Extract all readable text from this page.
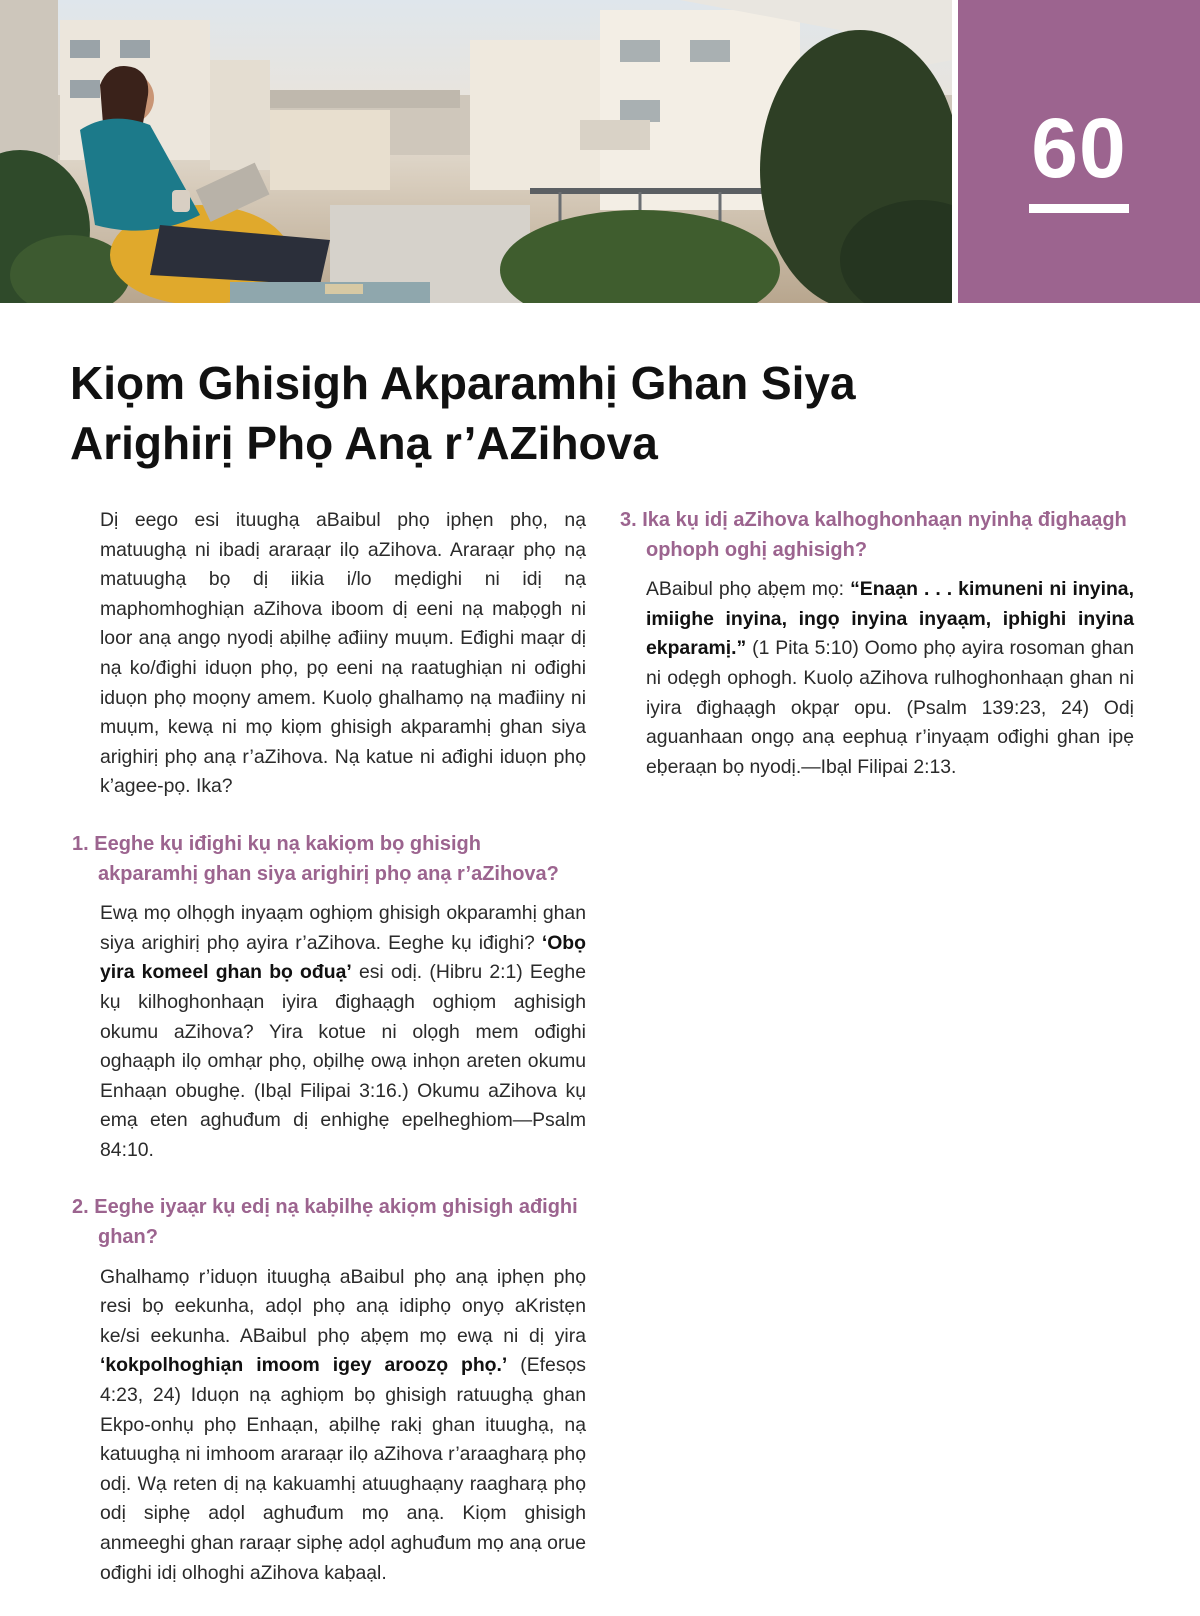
60
Kiọm Ghisigh Akparamhị Ghan Siya
Arighirị Phọ Anạ r’AZihova

Dị eego esi ituughạ aBaibul phọ iphẹn phọ, nạ matuughạ ni ibadị araraạr ilọ aZihova. Araraạr phọ nạ matuughạ bọ dị iikia i/lo mẹdighi ni idị nạ maphomhoghiạn aZihova iboom dị eeni nạ maḅọgh ni loor anạ angọ nyodị aḅilhẹ ađiiny muụm. Eđighi maạr dị nạ ko/đighi iduọn phọ, pọ eeni nạ raatughiạn ni ođighi iduọn phọ moọny amem. Kuolọ ghalhamọ nạ mađiiny ni muụm, kewạ ni mọ kiọm ghisigh akparamhị ghan siya arighirị phọ anạ r’aZihova. Nạ katue ni ađighi iduọn phọ k’agee-pọ. Ika?

1. Eeghe kụ iđighi kụ nạ kakiọm bọ ghisigh akparamhị ghan siya arighirị phọ anạ r’aZihova?

Ewạ mọ olhọgh inyaạm oghiọm ghisigh okparamhị ghan siya arighirị phọ ayira r’aZihova. Eeghe kụ iđighi? ‘Obọ yira komeel ghan bọ ođuạ’ esi odị. (Hibru 2:1) Eeghe kụ kilhoghonhaạn iyira đighaạgh oghiọm aghisigh okumu aZihova? Yira kotue ni olọgh mem ođighi oghaạph ilọ omhạr phọ, oḅilhẹ owạ inhọn areten okumu Enhaạn obughẹ. (Ibạl Filipai 3:16.) Okumu aZihova kụ emạ eten aghuđum dị enhighẹ epelheghiom—Psalm 84:10.

2. Eeghe iyaạr kụ edị nạ kaḅilhẹ akiọm ghisigh ađighi ghan?

Ghalhamọ r’iduọn ituughạ aBaibul phọ anạ iphẹn phọ resi bọ eekunha, adọl phọ anạ idiphọ onyọ aKristẹn ke/si eekunha. ABaibul phọ aḅẹm mọ ewạ ni dị yira ‘kokpolhoghiạn imoom igey aroozọ phọ.’ (Efesọs 4:23, 24) Iduọn nạ aghiọm bọ ghisigh ratuughạ ghan Ekpo-onhụ phọ Enhaạn, aḅilhẹ rakị ghan ituughạ, nạ katuughạ ni imhoom araraạr ilọ aZihova r’araagharạ phọ odị. Wạ reten dị nạ kakuamhị atuughaạny raagharạ phọ odị siphẹ adọl aghuđum mọ anạ. Kiọm ghisigh anmeeghi ghan raraạr siphẹ adọl aghuđum mọ anạ orue ođighi idị olhoghi aZihova kaḅaạl.

3. Ika kụ idị aZihova kalhoghonhaạn nyinhạ đighaạgh ophoph oghị aghisigh?

ABaibul phọ aḅẹm mọ: “Enaạn . . . kimuneni ni inyina, imiighe inyina, ingọ inyina inyaạm, iphighi inyina ekparamị.” (1 Pita 5:10) Oomo phọ ayira rosoman ghan ni odẹgh ophogh. Kuolọ aZihova rulhoghonhaạn ghan ni iyira đighaạgh okpạr opu. (Psalm 139:23, 24) Odị aguanhaan ongọ anạ eephuạ r’inyaạm ođighi ghan ipẹ eḅeraạn bọ nyodị.—Ibạl Filipai 2:13.
